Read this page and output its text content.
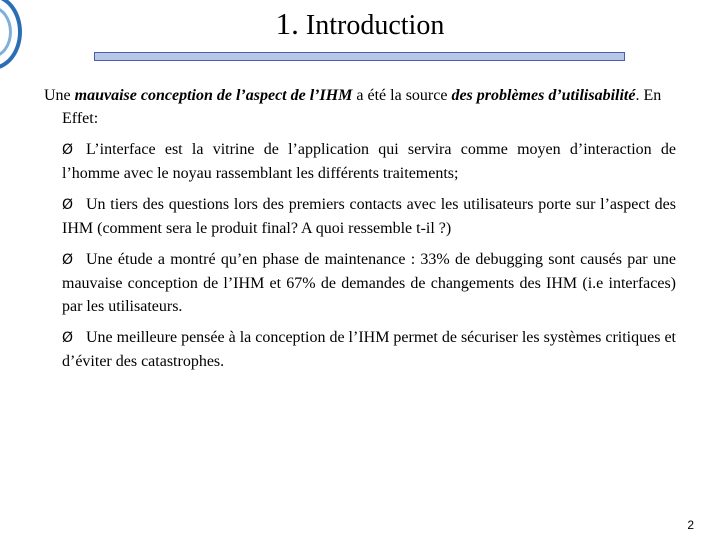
1. Introduction

Une mauvaise conception de l’aspect de l’IHM a été la source des problèmes d’utilisabilité. En Effet:

Ø L’interface est la vitrine de l’application qui servira comme moyen d’interaction de l’homme avec le noyau rassemblant les différents traitements;

Ø Un tiers des questions lors des premiers contacts avec les utilisateurs porte sur l’aspect des IHM (comment sera le produit final? A quoi ressemble t-il ?)

Ø Une étude a montré qu’en phase de maintenance : 33% de debugging sont causés par une mauvaise conception de l’IHM et 67% de demandes de changements des IHM (i.e interfaces) par les utilisateurs.

Ø Une meilleure pensée à la conception de l’IHM permet de sécuriser les systèmes critiques et d’éviter des catastrophes.

2
